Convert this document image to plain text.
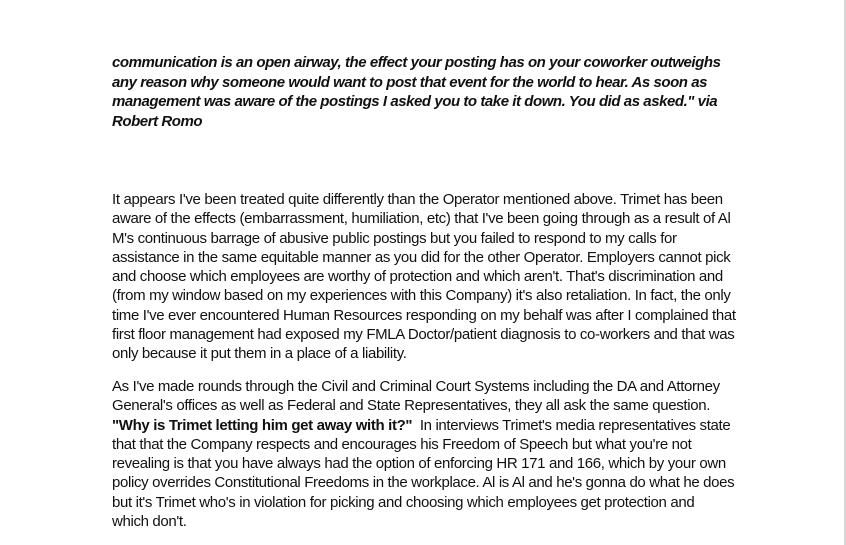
communication is an open airway, the effect your posting has on your coworker outweighs
any reason why someone would want to post that event for the world to hear. As soon as
management was aware of the postings I asked you to take it down. You did as asked." via
Robert Romo

It appears I've been treated quite differently than the Operator mentioned above. Trimet has been
aware of the effects (embarrassment, humiliation, etc) that I've been going through as a result of Al
M's continuous barrage of abusive public postings but you failed to respond to my calls for
assistance in the same equitable manner as you did for the other Operator. Employers cannot pick
and choose which employees are worthy of protection and which aren't. That's discrimination and
(from my window based on my experiences with this Company) it's also retaliation. In fact, the only
time I've ever encountered Human Resources responding on my behalf was after I complained that
first floor management had exposed my FMLA Doctor/patient diagnosis to co-workers and that was
only because it put them in a place of a liability.

As I've made rounds through the Civil and Criminal Court Systems including the DA and Attorney
General's offices as well as Federal and State Representatives, they all ask the same question.
"Why is Trimet letting him get away with it?"  In interviews Trimet's media representatives state
that that the Company respects and encourages his Freedom of Speech but what you're not
revealing is that you have always had the option of enforcing HR 171 and 166, which by your own
policy overrides Constitutional Freedoms in the workplace. Al is Al and he's gonna do what he does
but it's Trimet who's in violation for picking and choosing which employees get protection and
which don't.
